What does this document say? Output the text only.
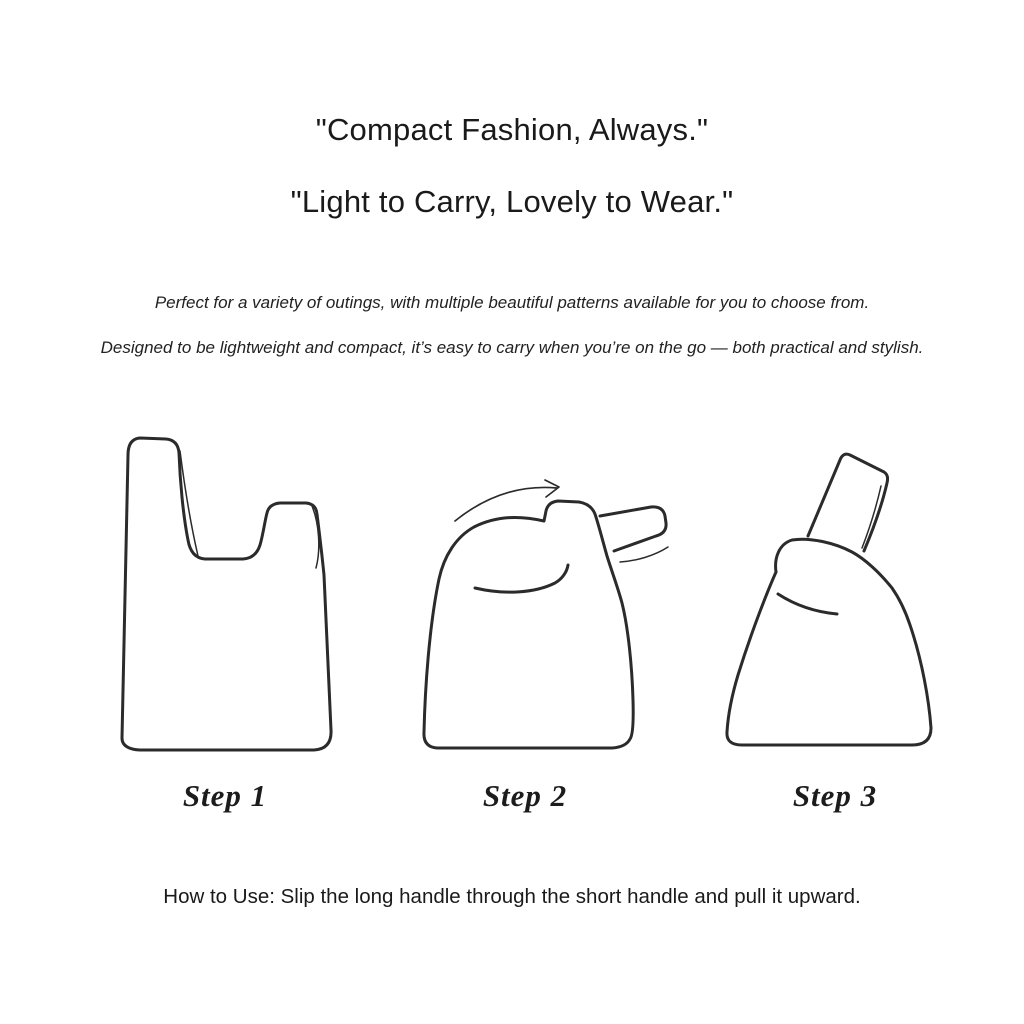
"Compact Fashion, Always."
"Light to Carry, Lovely to Wear."
Perfect for a variety of outings, with multiple beautiful patterns available for you to choose from.
Designed to be lightweight and compact, it’s easy to carry when you’re on the go — both practical and stylish.
Step 1	Step 2	Step 3
How to Use: Slip the long handle through the short handle and pull it upward.
